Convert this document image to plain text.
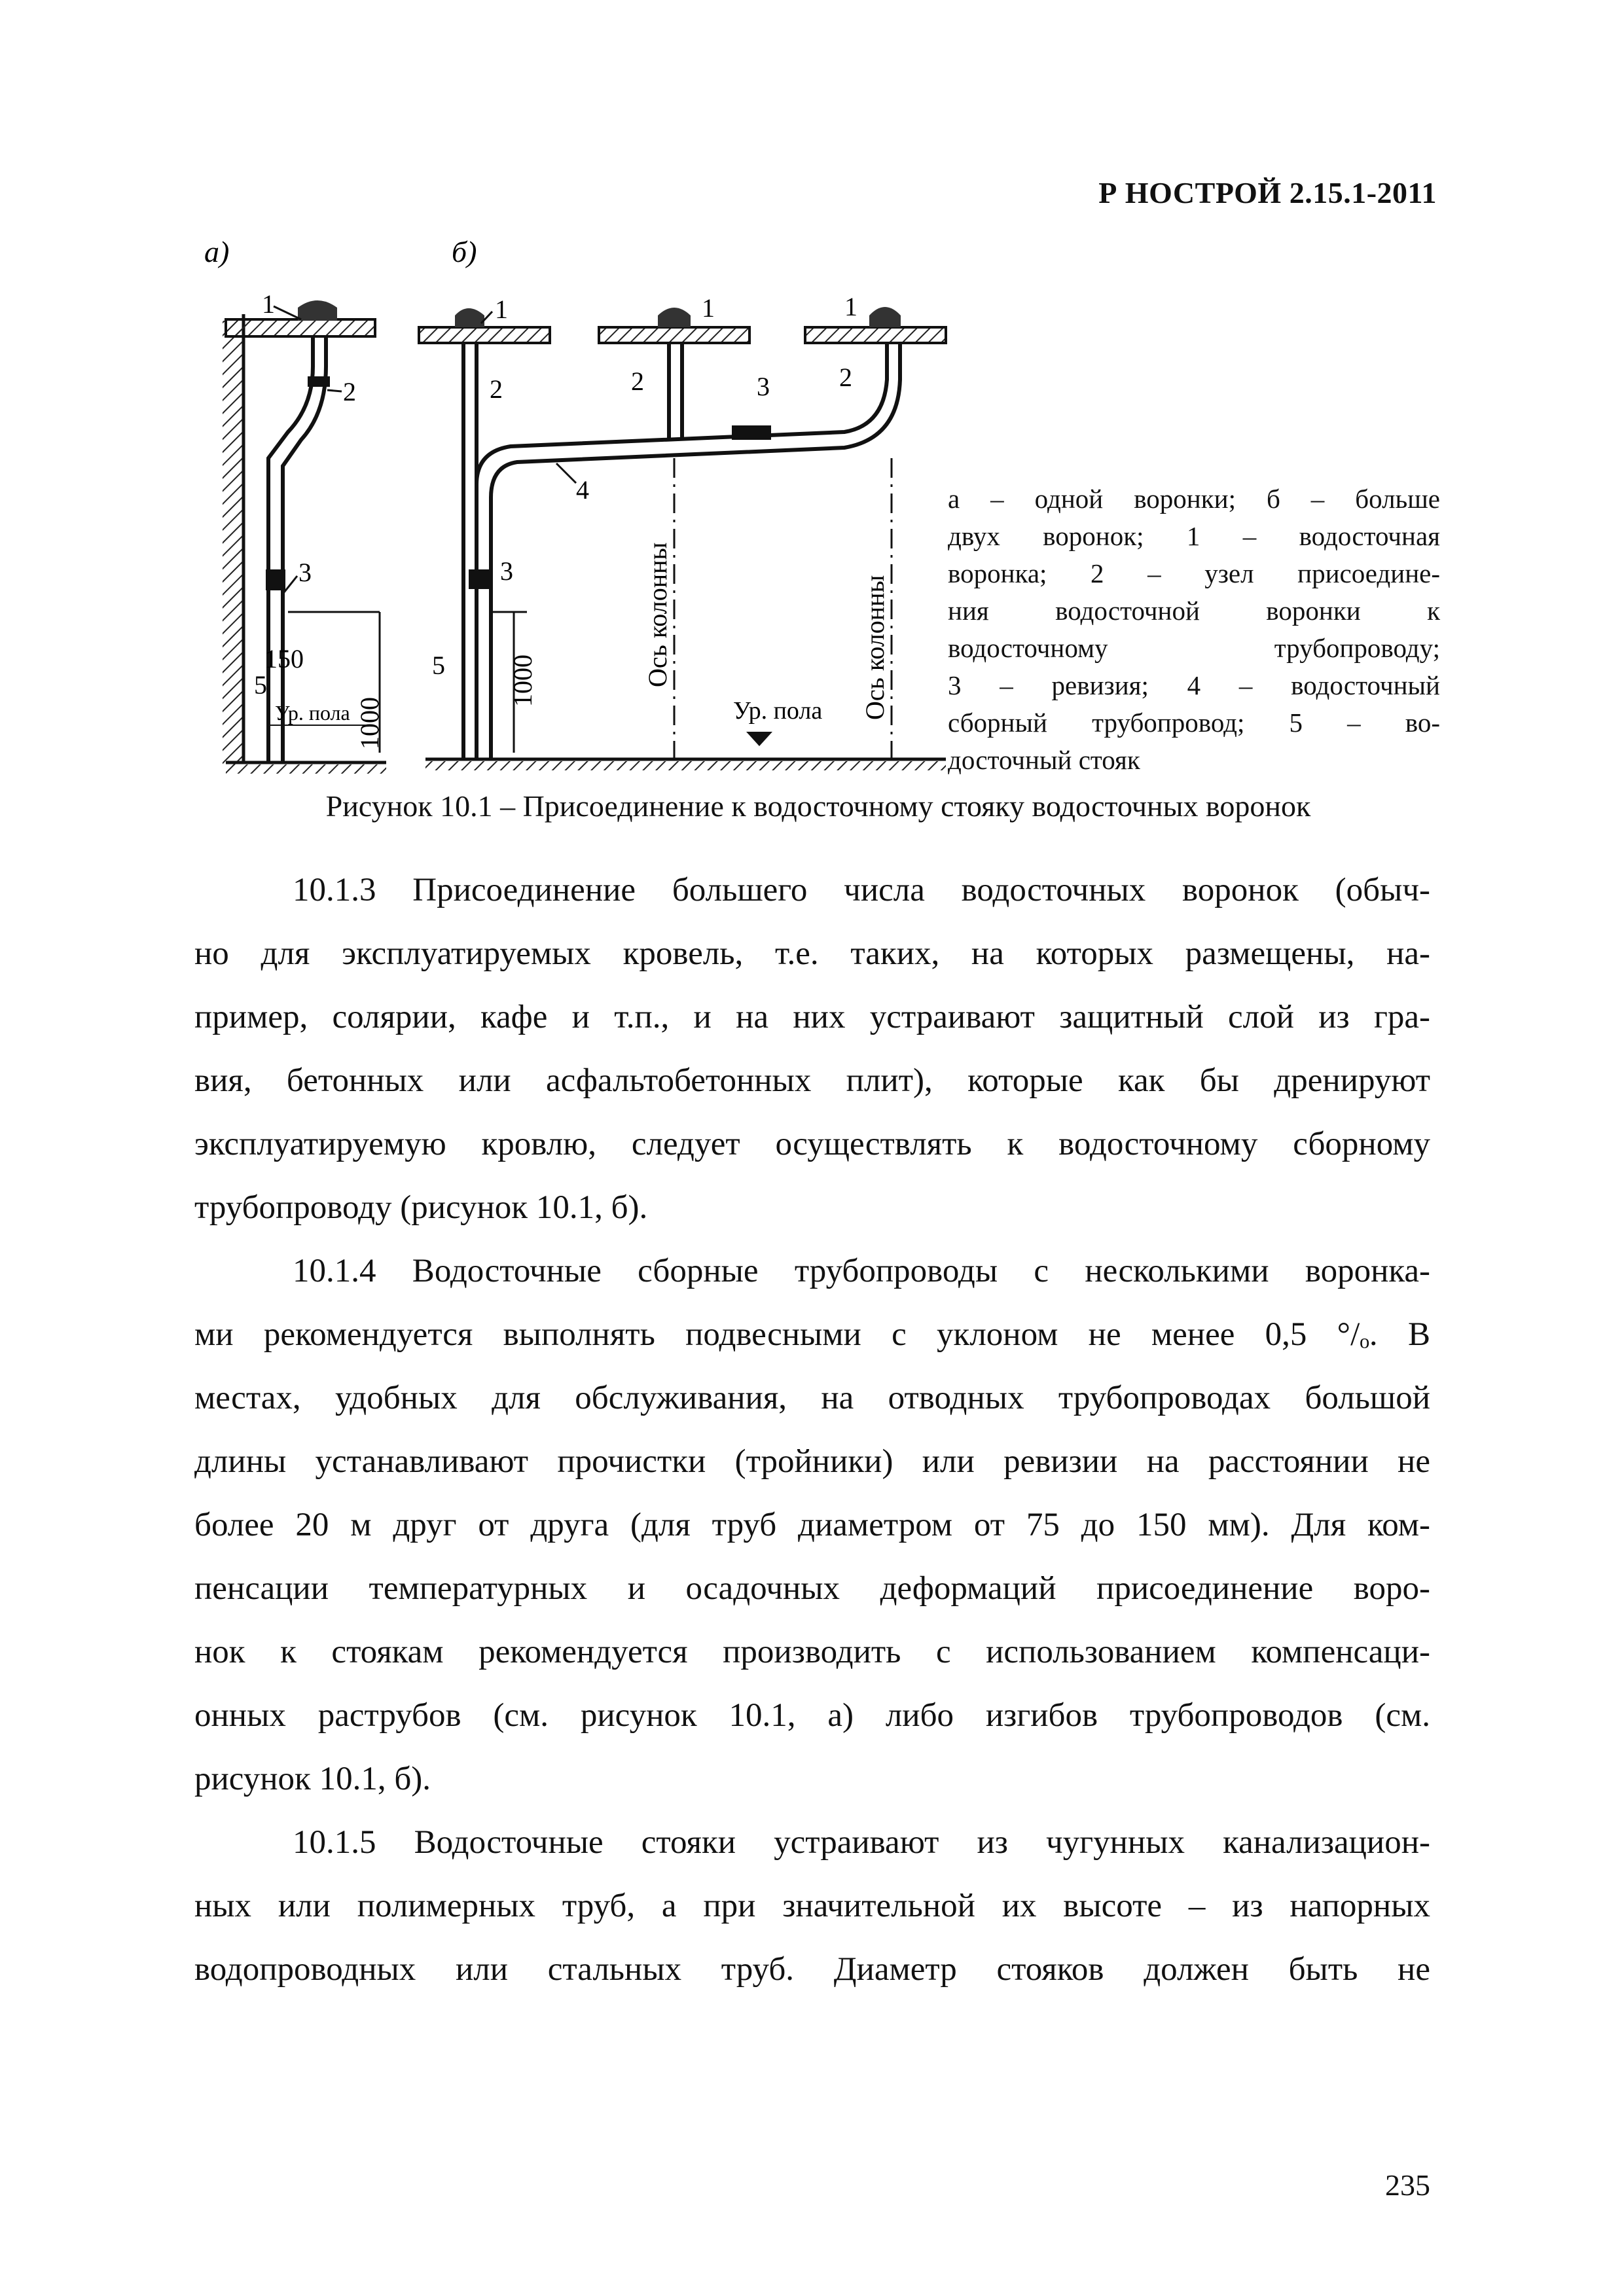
Р НОСТРОЙ 2.15.1-2011
а)	б)
1
2
3
150
5
1000
Ур. пола
1	1	1
2	2	2
3
4
3
5 1000	Ось колонны	Ось колонны
Ур. пола
а – одной воронки; б – больше
двух воронок; 1 – водосточная
воронка; 2 – узел присоедине-
ния водосточной воронки к
водосточному трубопроводу;
3 – ревизия; 4 – водосточный
сборный трубопровод; 5 – во-
досточный стояк
Рисунок 10.1 – Присоединение к водосточному стояку водосточных воронок

10.1.3 Присоединение большего числа водосточных воронок (обыч-
но для эксплуатируемых кровель, т.е. таких, на которых размещены, на-
пример, солярии, кафе и т.п., и на них устраивают защитный слой из гра-
вия, бетонных или асфальтобетонных плит), которые как бы дренируют
эксплуатируемую кровлю, следует осуществлять к водосточному сборному
трубопроводу (рисунок 10.1, б).

10.1.4 Водосточные сборные трубопроводы с несколькими воронка-
ми рекомендуется выполнять подвесными с уклоном не менее 0,5 °/ₒ. В
местах, удобных для обслуживания, на отводных трубопроводах большой
длины устанавливают прочистки (тройники) или ревизии на расстоянии не
более 20 м друг от друга (для труб диаметром от 75 до 150 мм). Для ком-
пенсации температурных и осадочных деформаций присоединение воро-
нок к стоякам рекомендуется производить с использованием компенсаци-
онных раструбов (см. рисунок 10.1, а) либо изгибов трубопроводов (см.
рисунок 10.1, б).

10.1.5 Водосточные стояки устраивают из чугунных канализацион-
ных или полимерных труб, а при значительной их высоте – из напорных
водопроводных или стальных труб. Диаметр стояков должен быть не

235
